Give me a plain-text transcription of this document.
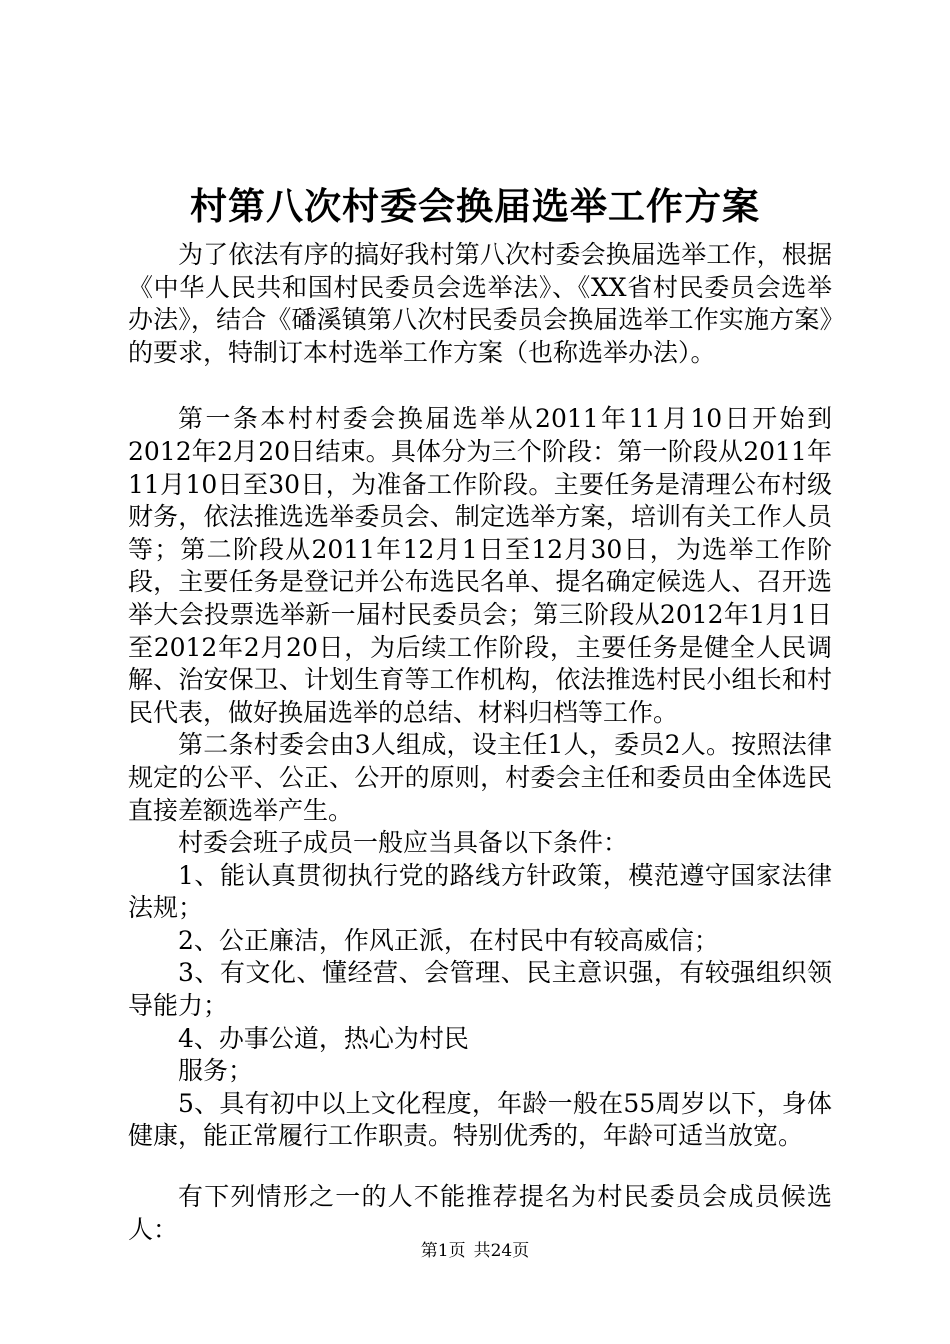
村第八次村委会换届选举工作方案

为了依法有序的搞好我村第八次村委会换届选举工作，根据《中华人民共和国村民委员会选举法》、《XX省村民委员会选举办法》，结合《磻溪镇第八次村民委员会换届选举工作实施方案》的要求，特制订本村选举工作方案（也称选举办法）。

第一条本村村委会换届选举从2011年11月10日开始到2012年2月20日结束。具体分为三个阶段：第一阶段从2011年11月10日至30日，为准备工作阶段。主要任务是清理公布村级财务，依法推选选举委员会、制定选举方案，培训有关工作人员等；第二阶段从2011年12月1日至12月30日，为选举工作阶段，主要任务是登记并公布选民名单、提名确定候选人、召开选举大会投票选举新一届村民委员会；第三阶段从2012年1月1日至2012年2月20日，为后续工作阶段，主要任务是健全人民调解、治安保卫、计划生育等工作机构，依法推选村民小组长和村民代表，做好换届选举的总结、材料归档等工作。

第二条村委会由3人组成，设主任1人，委员2人。按照法律规定的公平、公正、公开的原则，村委会主任和委员由全体选民直接差额选举产生。

村委会班子成员一般应当具备以下条件：

1、能认真贯彻执行党的路线方针政策，模范遵守国家法律法规；

2、公正廉洁，作风正派，在村民中有较高威信；

3、有文化、懂经营、会管理、民主意识强，有较强组织领导能力；

4、办事公道，热心为村民

服务；

5、具有初中以上文化程度，年龄一般在55周岁以下，身体健康，能正常履行工作职责。特别优秀的，年龄可适当放宽。

有下列情形之一的人不能推荐提名为村民委员会成员候选人：

第1页 共24页
